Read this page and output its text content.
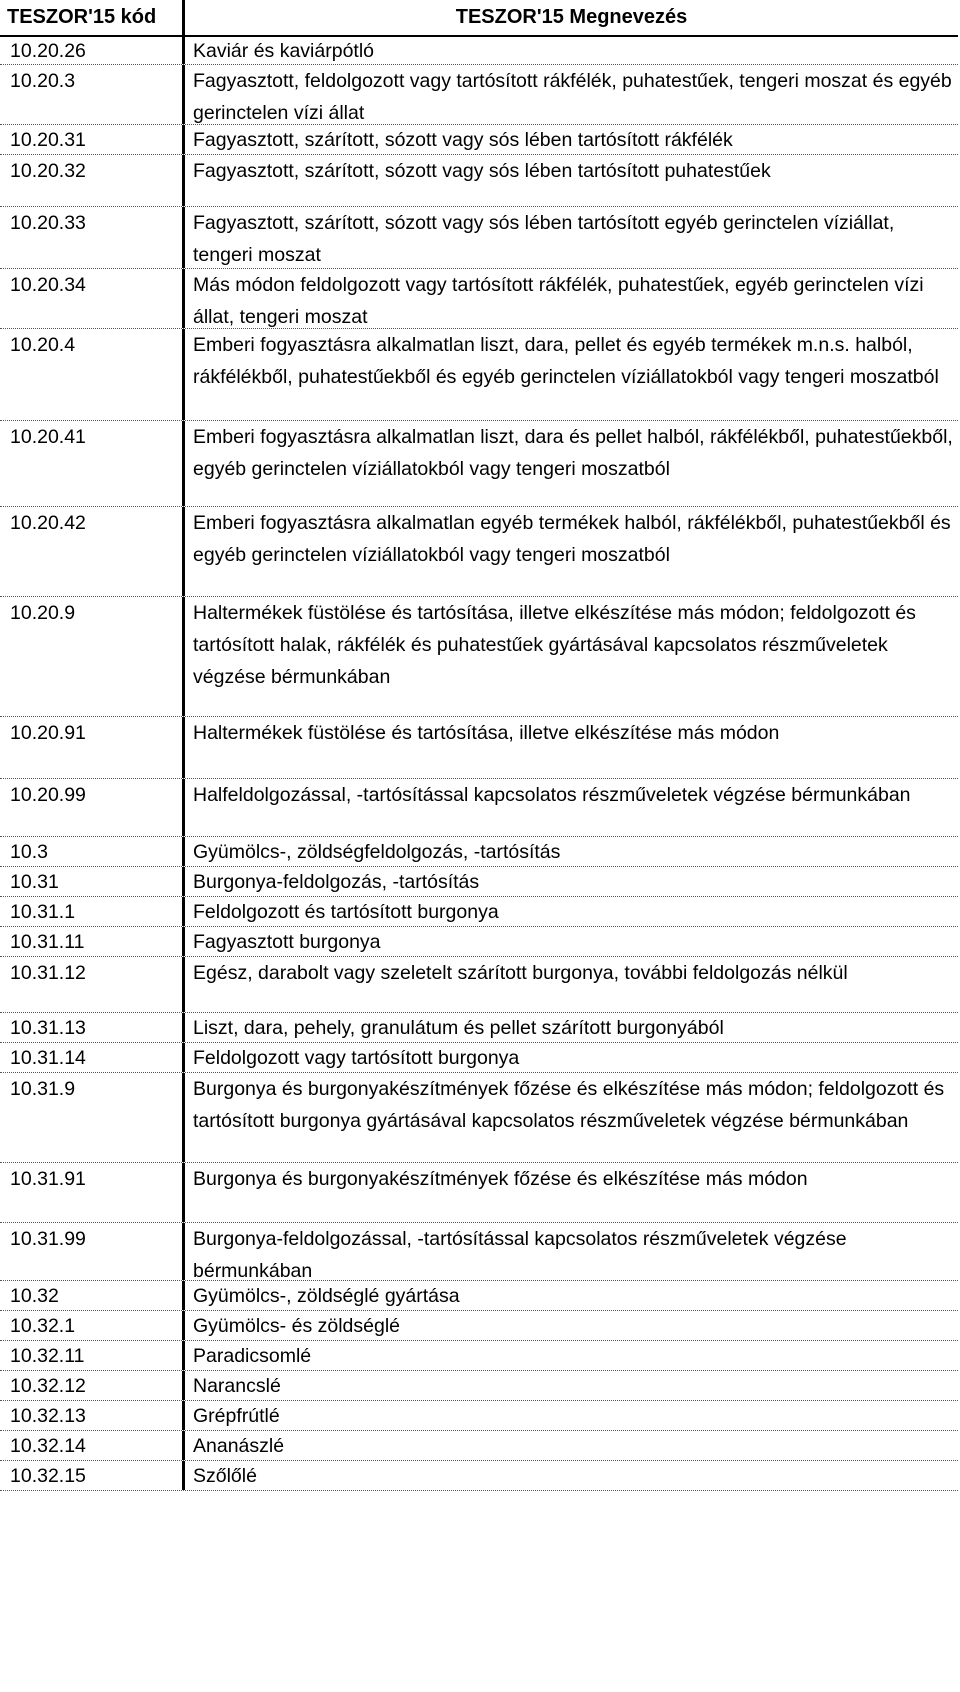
TESZOR'15 kód	TESZOR'15 Megnevezés
10.20.26	Kaviár és kaviárpótló
10.20.3	Fagyasztott, feldolgozott vagy tartósított rákfélék, puhatestűek, tengeri moszat és egyéb gerinctelen vízi állat
10.20.31	Fagyasztott, szárított, sózott vagy sós lében tartósított rákfélék
10.20.32	Fagyasztott, szárított, sózott vagy sós lében tartósított puhatestűek
10.20.33	Fagyasztott, szárított, sózott vagy sós lében tartósított egyéb gerinctelen víziállat, tengeri moszat
10.20.34	Más módon feldolgozott vagy tartósított rákfélék, puhatestűek, egyéb gerinctelen vízi állat, tengeri moszat
10.20.4	Emberi fogyasztásra alkalmatlan liszt, dara, pellet és egyéb termékek m.n.s. halból, rákfélékből, puhatestűekből és egyéb gerinctelen víziállatokból vagy tengeri moszatból
10.20.41	Emberi fogyasztásra alkalmatlan liszt, dara és pellet halból, rákfélékből, puhatestűekből, egyéb gerinctelen víziállatokból vagy tengeri moszatból
10.20.42	Emberi fogyasztásra alkalmatlan egyéb termékek halból, rákfélékből, puhatestűekből és egyéb gerinctelen víziállatokból vagy tengeri moszatból
10.20.9	Haltermékek füstölése és tartósítása, illetve elkészítése más módon; feldolgozott és tartósított halak, rákfélék és puhatestűek gyártásával kapcsolatos részműveletek végzése bérmunkában
10.20.91	Haltermékek füstölése és tartósítása, illetve elkészítése más módon
10.20.99	Halfeldolgozással, -tartósítással kapcsolatos részműveletek végzése bérmunkában
10.3	Gyümölcs-, zöldségfeldolgozás, -tartósítás
10.31	Burgonya-feldolgozás, -tartósítás
10.31.1	Feldolgozott és tartósított burgonya
10.31.11	Fagyasztott burgonya
10.31.12	Egész, darabolt vagy szeletelt szárított burgonya, további feldolgozás nélkül
10.31.13	Liszt, dara, pehely, granulátum és pellet szárított burgonyából
10.31.14	Feldolgozott vagy tartósított burgonya
10.31.9	Burgonya és burgonyakészítmények főzése és elkészítése más módon; feldolgozott és tartósított burgonya gyártásával kapcsolatos részműveletek végzése bérmunkában
10.31.91	Burgonya és burgonyakészítmények főzése és elkészítése más módon
10.31.99	Burgonya-feldolgozással, -tartósítással kapcsolatos részműveletek végzése bérmunkában
10.32	Gyümölcs-, zöldséglé gyártása
10.32.1	Gyümölcs- és zöldséglé
10.32.11	Paradicsomlé
10.32.12	Narancslé
10.32.13	Grépfrútlé
10.32.14	Ananászlé
10.32.15	Szőlőlé
